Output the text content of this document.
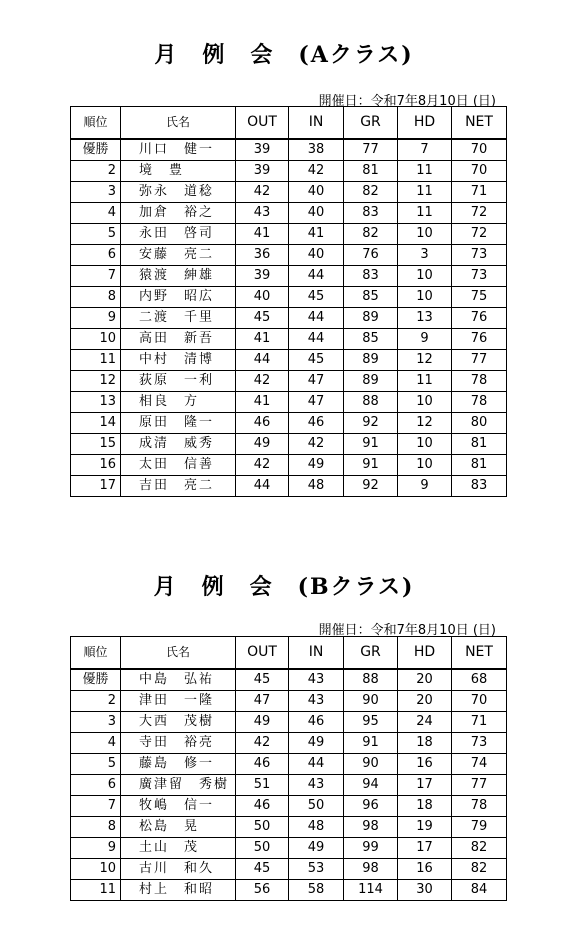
月　例　会　(Aクラス)
開催日：令和7年8月10日 (日)
順位	氏名	OUT	IN	GR	HD	NET
優勝	川口　健一	39	38	77	7	70
2	境　豊	39	42	81	11	70
3	弥永　道稔	42	40	82	11	71
4	加倉　裕之	43	40	83	11	72
5	永田　啓司	41	41	82	10	72
6	安藤　亮二	36	40	76	3	73
7	猿渡　紳雄	39	44	83	10	73
8	内野　昭広	40	45	85	10	75
9	二渡　千里	45	44	89	13	76
10	高田　新吾	41	44	85	9	76
11	中村　清博	44	45	89	12	77
12	荻原　一利	42	47	89	11	78
13	相良　方	41	47	88	10	78
14	原田　隆一	46	46	92	12	80
15	成清　威秀	49	42	91	10	81
16	太田　信善	42	49	91	10	81
17	吉田　亮二	44	48	92	9	83
月　例　会　(Bクラス)
開催日：令和7年8月10日 (日)
順位	氏名	OUT	IN	GR	HD	NET
優勝	中島　弘祐	45	43	88	20	68
2	津田　一隆	47	43	90	20	70
3	大西　茂樹	49	46	95	24	71
4	寺田　裕亮	42	49	91	18	73
5	藤島　修一	46	44	90	16	74
6	廣津留　秀樹	51	43	94	17	77
7	牧嶋　信一	46	50	96	18	78
8	松島　晃	50	48	98	19	79
9	土山　茂	50	49	99	17	82
10	古川　和久	45	53	98	16	82
11	村上　和昭	56	58	114	30	84
